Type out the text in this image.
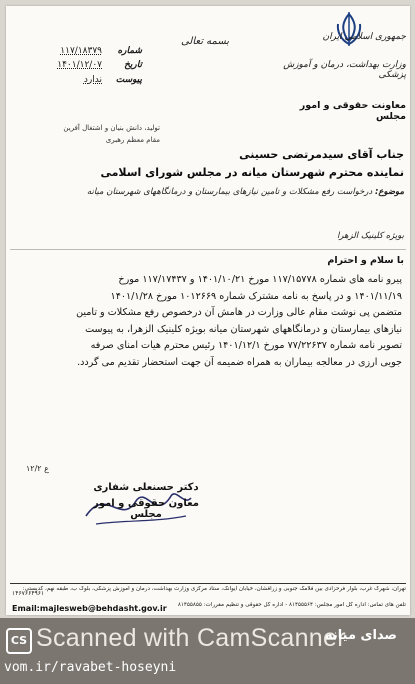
جمهوری اسلامی ایران
وزارت بهداشت، درمان و آموزش پزشکی
معاونت حقوقی و امور مجلس
بسمه تعالی
شماره
۱۱۷/۱۸۳۷۹
تاریخ
۱۴۰۱/۱۲/۰۷
پیوست
ندارد
تولید، دانش بنیان و اشتغال آفرین
مقام معظم رهبری
جناب آقای سیدمرتضی حسینی
نماینده محترم شهرستان میانه در مجلس شورای اسلامی
موضوع: درخواست رفع مشکلات و تامین نیازهای بیمارستان و درمانگاههای شهرستان میانه
بویژه کلینیک الزهرا
با سلام و احترام

پیرو نامه های شماره ۱۱۷/۱۵۷۷۸ مورخ ۱۴۰۱/۱۰/۲۱ و ۱۱۷/۱۷۴۳۷ مورخ

۱۴۰۱/۱۱/۱۹ و در پاسخ به نامه مشترک شماره ۱۰۱۲۶۶۹ مورخ ۱۴۰۱/۱/۲۸

متضمن پی نوشت مقام عالی وزارت در هامش آن درخصوص رفع مشکلات و تامین

نیازهای بیمارستان و درمانگاههای شهرستان میانه بویژه کلینیک الزهرا، به پیوست

تصویر نامه شماره ۷۷/۲۲۶۳۷ مورخ ۱۴۰۱/۱۲/۱ رئیس محترم هیات امنای صرفه

جویی ارزی در معالجه بیماران به همراه ضمیمه آن جهت استحضار تقدیم می گردد.

ع ۱۲/۲
دکتر حسنعلی شفاری
معاون حقوقی و امور مجلس
تهران، شهرک غرب، بلوار فرحزادی بین فلامک جنوبی و زرافشان، خیابان ایوانک، ستاد مرکزی وزارت بهداشت، درمان و آموزش پزشکی، بلوک ب، طبقه نهم، کدپستی:
۱۴۶۷۶۶۴۹۶۱
تلفن های تماس: اداره کل امور مجلس: ۸۱۴۵۵۵۶۴ - اداره کل حقوقی و تنظیم مقررات: ۸۱۴۵۵۸۵۵
Email:majlesweb@behdasht.gov.ir
CS Scanned with CamScanner
صدای میانه
vom.ir/ravabet-hoseyni
